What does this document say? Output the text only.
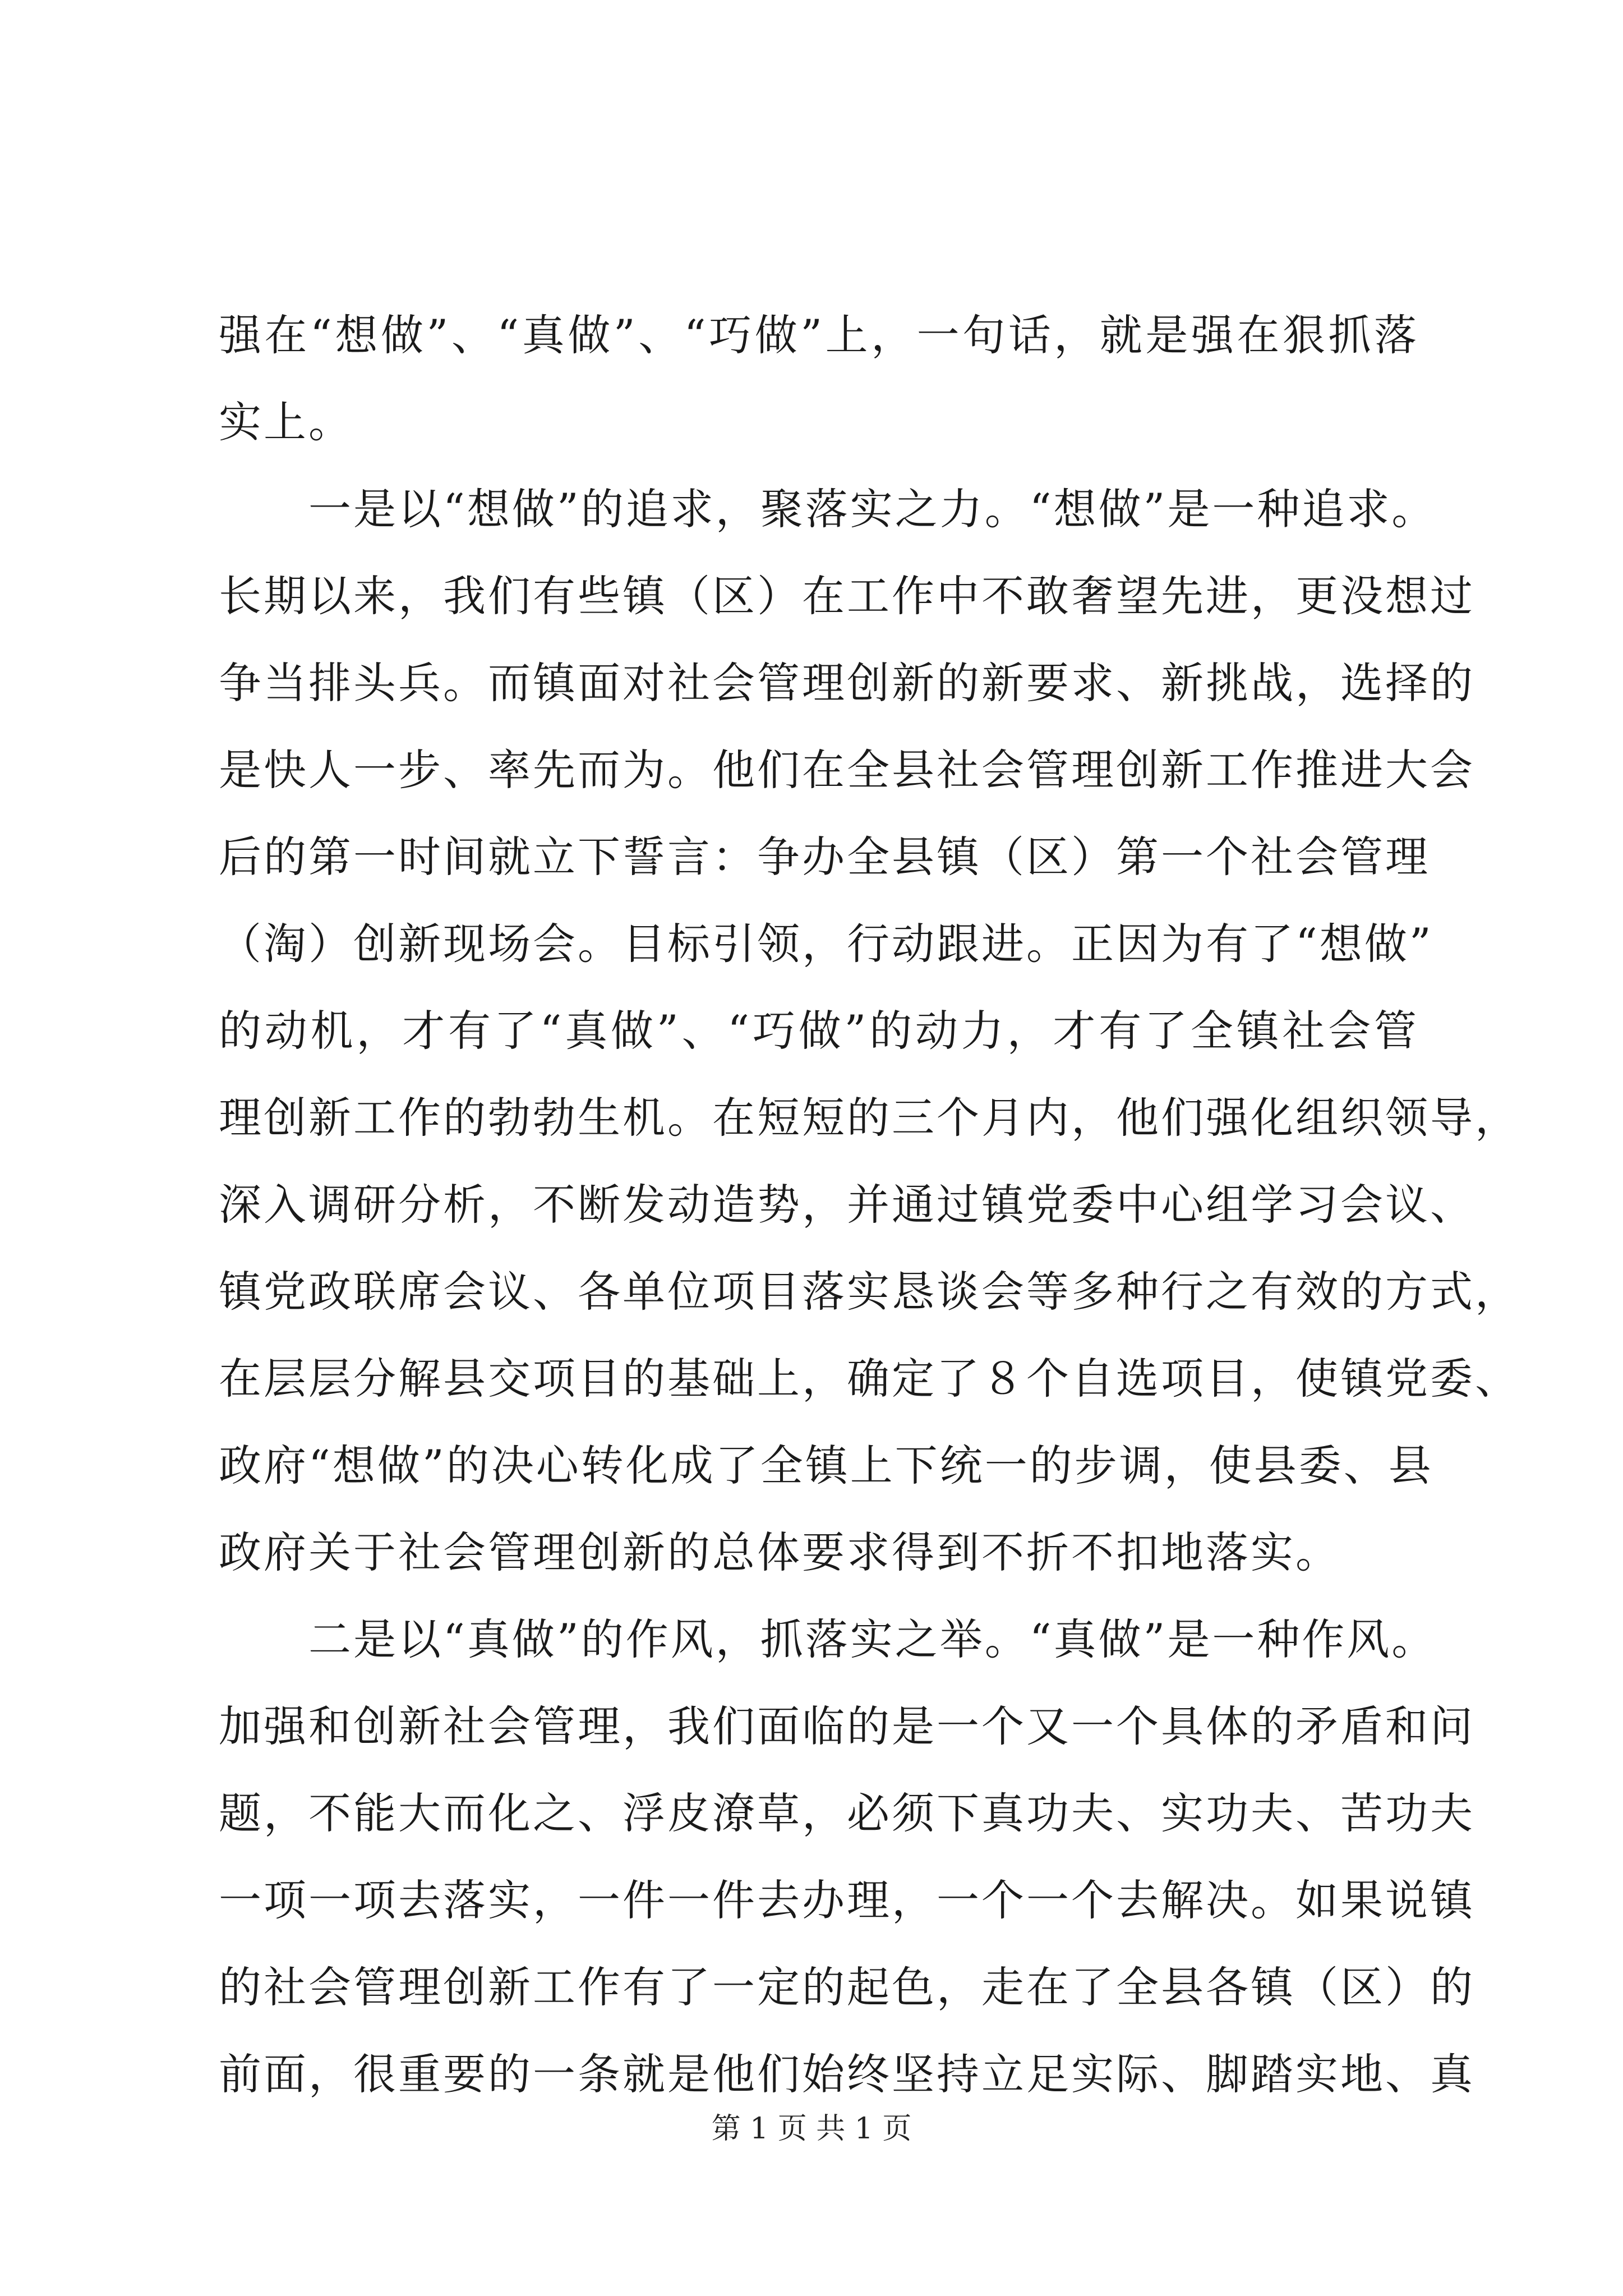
强在“想做”、“真做”、“巧做”上，一句话，就是强在狠抓落
实上。
　　一是以“想做”的追求，聚落实之力。“想做”是一种追求。
长期以来，我们有些镇（区）在工作中不敢奢望先进，更没想过
争当排头兵。而镇面对社会管理创新的新要求、新挑战，选择的
是快人一步、率先而为。他们在全县社会管理创新工作推进大会
后的第一时间就立下誓言：争办全县镇（区）第一个社会管理
（淘）创新现场会。目标引领，行动跟进。正因为有了“想做”
的动机，才有了“真做”、“巧做”的动力，才有了全镇社会管
理创新工作的勃勃生机。在短短的三个月内，他们强化组织领导，
深入调研分析，不断发动造势，并通过镇党委中心组学习会议、
镇党政联席会议、各单位项目落实恳谈会等多种行之有效的方式，
在层层分解县交项目的基础上，确定了８个自选项目，使镇党委、
政府“想做”的决心转化成了全镇上下统一的步调，使县委、县
政府关于社会管理创新的总体要求得到不折不扣地落实。
　　二是以“真做”的作风，抓落实之举。“真做”是一种作风。
加强和创新社会管理，我们面临的是一个又一个具体的矛盾和问
题，不能大而化之、浮皮潦草，必须下真功夫、实功夫、苦功夫
一项一项去落实，一件一件去办理，一个一个去解决。如果说镇
的社会管理创新工作有了一定的起色，走在了全县各镇（区）的
前面，很重要的一条就是他们始终坚持立足实际、脚踏实地、真
第 1 页 共 1 页
